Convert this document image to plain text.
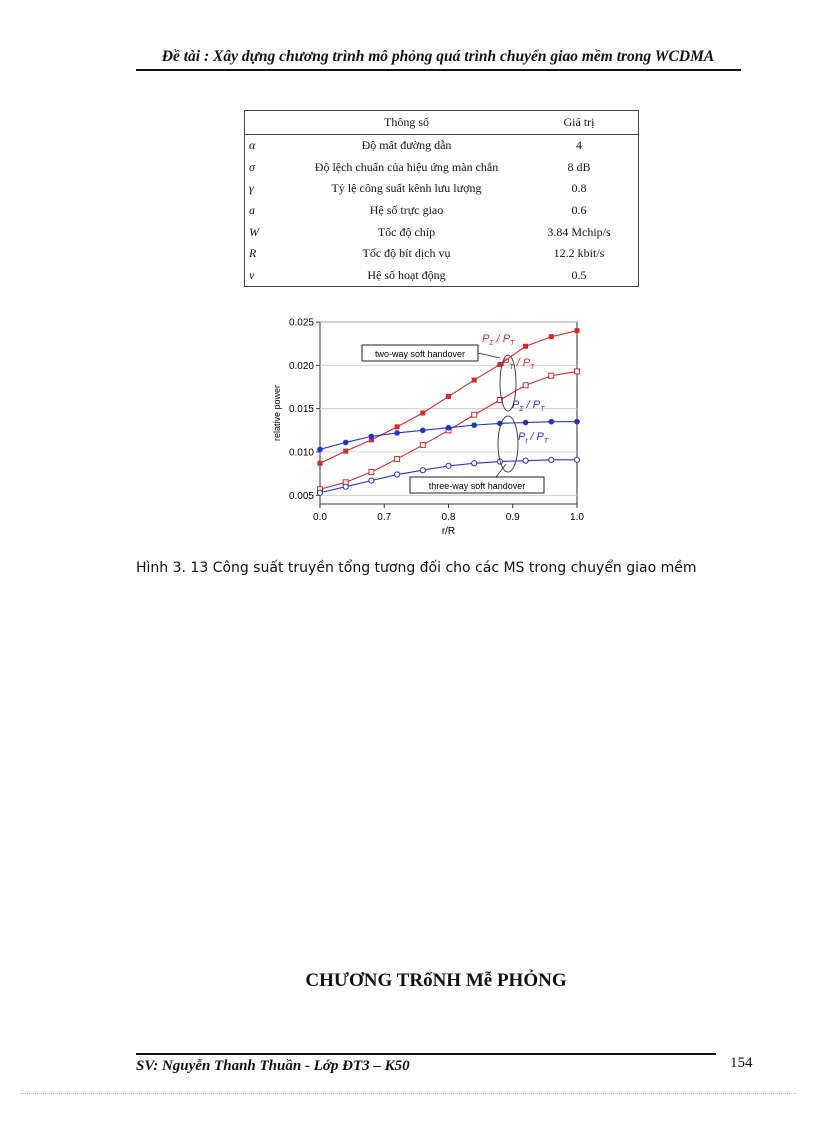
Đề tài : Xây dựng chương trình mô phỏng quá trình chuyển giao mềm trong WCDMA
	Thông số	Giá trị
α	Độ mất đường dẫn	4
σ	Độ lệch chuẩn của hiệu ứng màn chắn	8 dB
γ	Tỷ lệ công suất kênh lưu lượng	0.8
a	Hệ số trực giao	0.6
W	Tốc độ chíp	3.84 Mchip/s
R	Tốc độ bít dịch vụ	12.2 kbit/s
v	Hệ số hoạt động	0.5
0.005
0.010
0.015
0.020
0.025
0.0	0.7	0.8	0.9	1.0
r/R
relative power
$P_\Sigma / P_T$
$P_T / P_T$
$P_\Sigma / P_T$
$P_t / P_T$
two-way soft handover
three-way soft handover
Hình 3. 13 Công suất truyền tổng tương đối cho các MS trong chuyển giao mềm
CHƯƠNG TRốNH Mễ PHỎNG
SV: Nguyễn Thanh Thuần - Lớp ĐT3 – K50	154
